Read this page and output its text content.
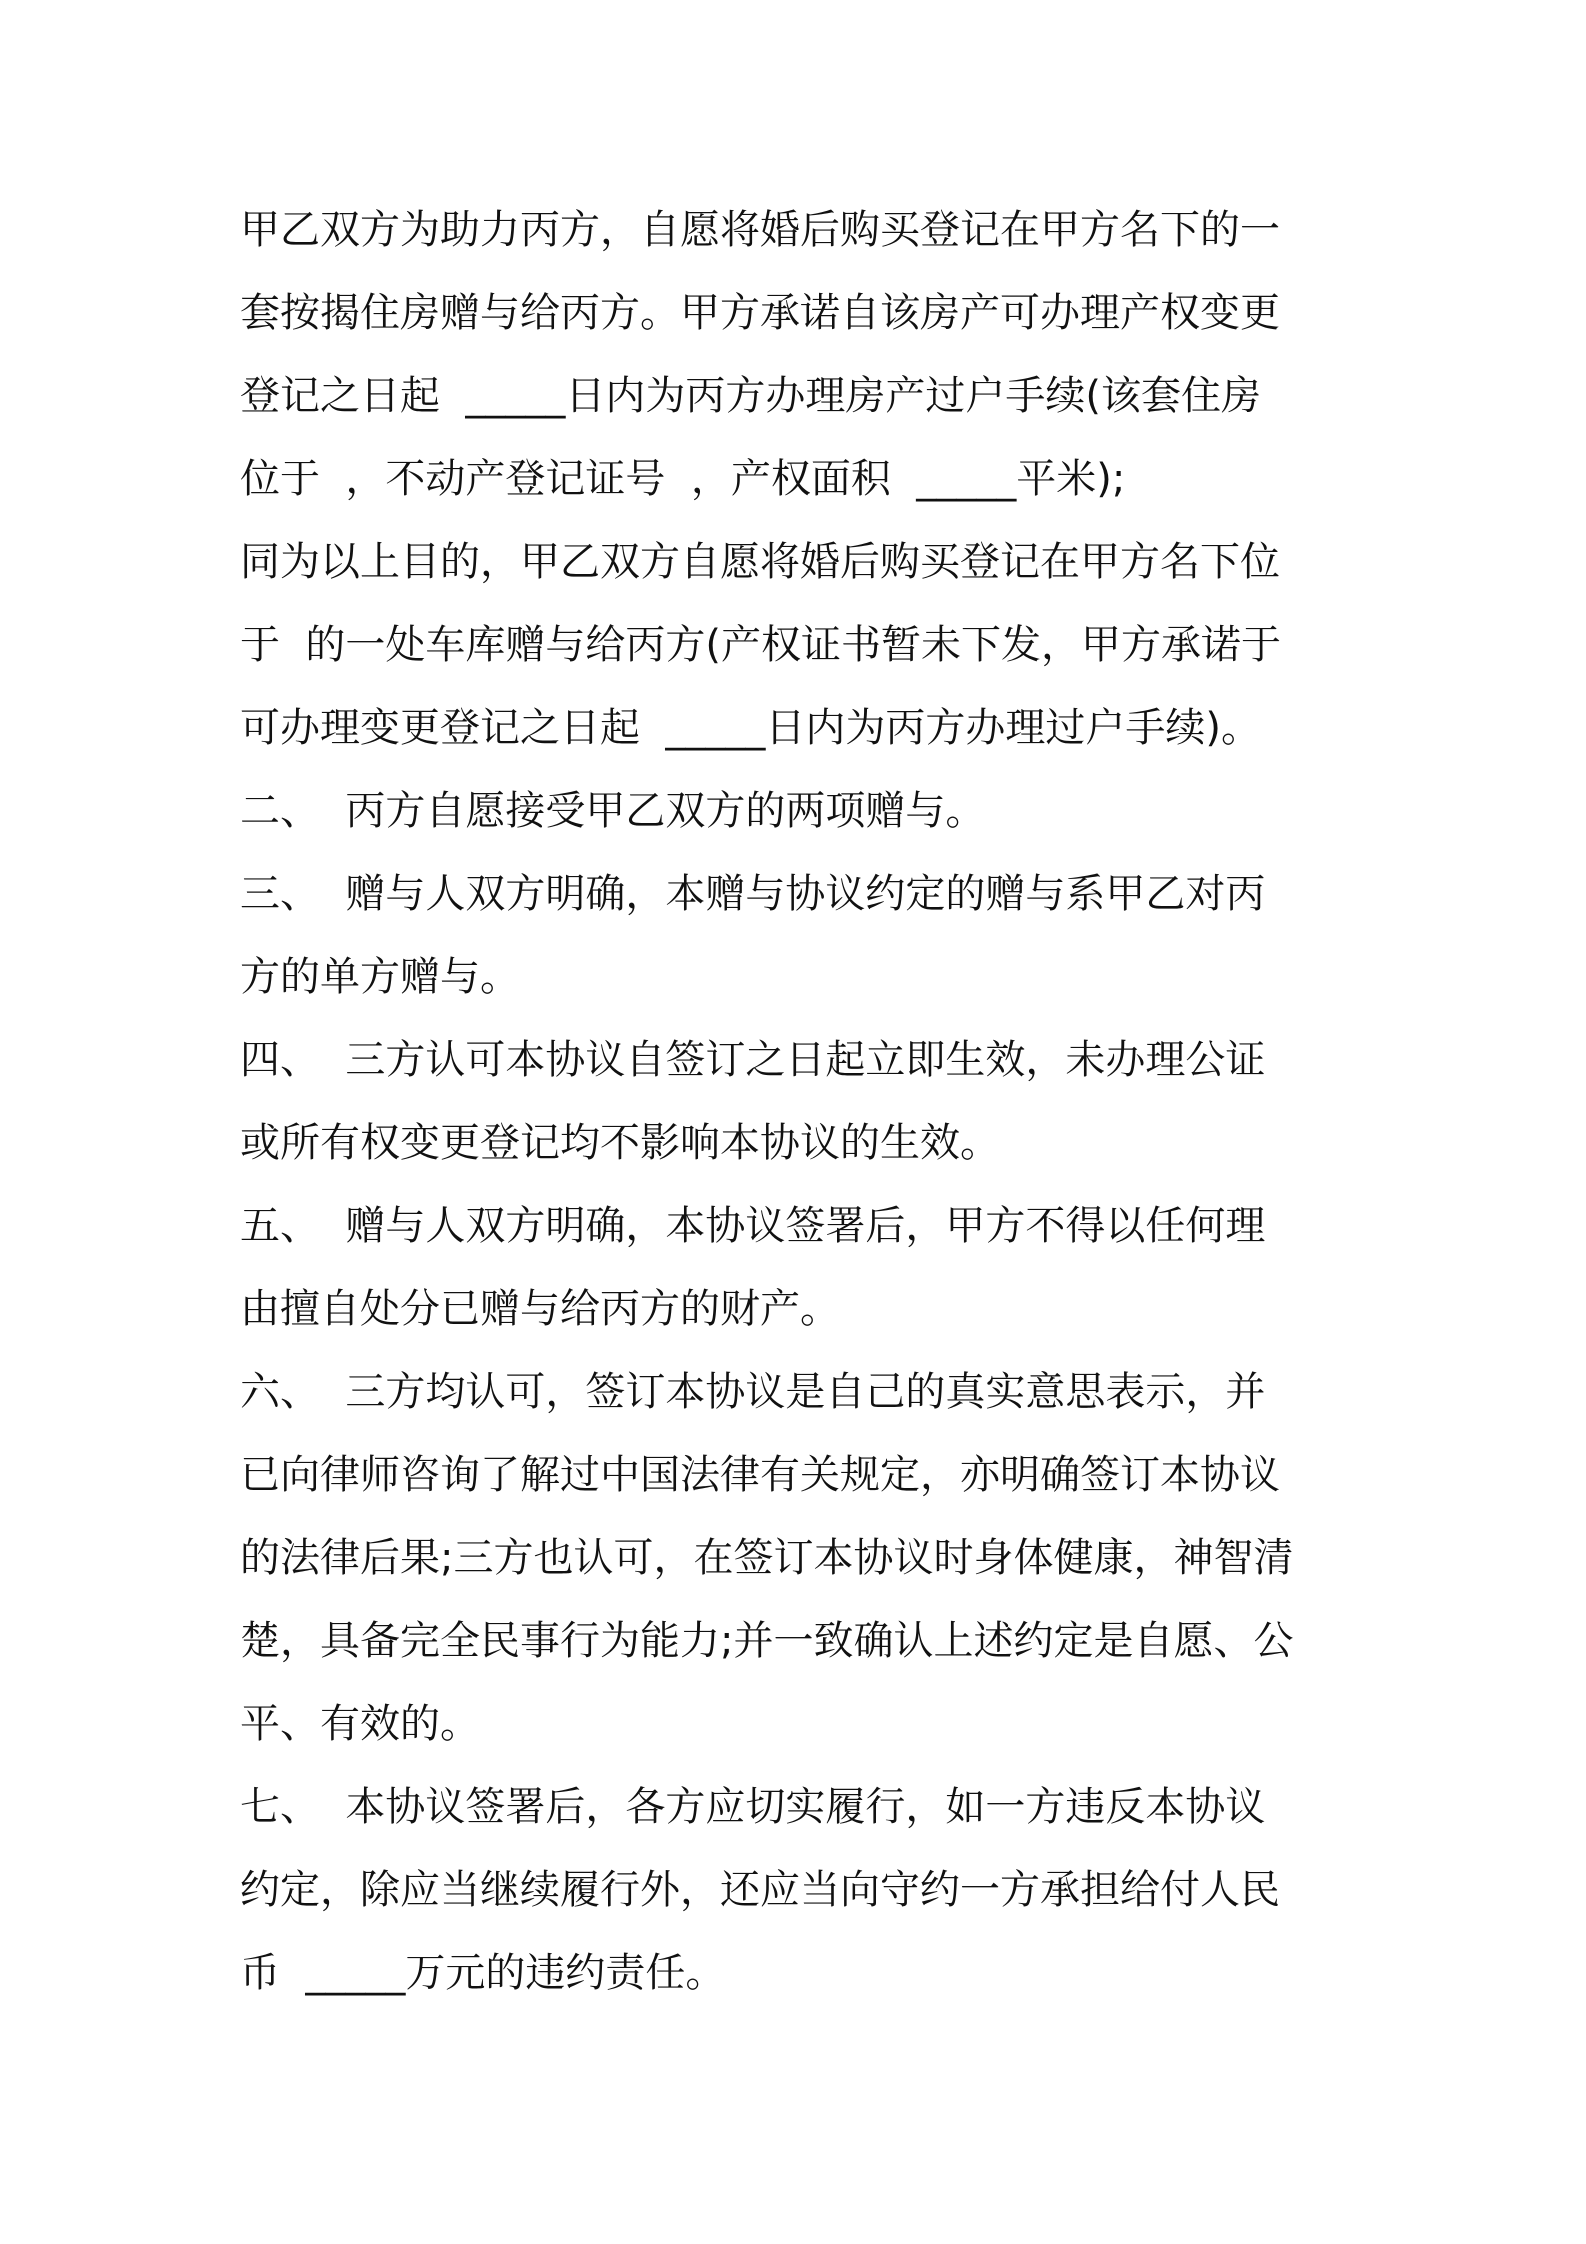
甲乙双方为助力丙方，自愿将婚后购买登记在甲方名下的一
套按揭住房赠与给丙方。甲方承诺自该房产可办理产权变更
登记之日起  _____日内为丙方办理房产过户手续(该套住房
位于  ，不动产登记证号  ，产权面积  _____平米);
同为以上目的，甲乙双方自愿将婚后购买登记在甲方名下位
于  的一处车库赠与给丙方(产权证书暂未下发，甲方承诺于
可办理变更登记之日起  _____日内为丙方办理过户手续)。
二、  丙方自愿接受甲乙双方的两项赠与。
三、  赠与人双方明确，本赠与协议约定的赠与系甲乙对丙
方的单方赠与。
四、  三方认可本协议自签订之日起立即生效，未办理公证
或所有权变更登记均不影响本协议的生效。
五、  赠与人双方明确，本协议签署后，甲方不得以任何理
由擅自处分已赠与给丙方的财产。
六、  三方均认可，签订本协议是自己的真实意思表示，并
已向律师咨询了解过中国法律有关规定，亦明确签订本协议
的法律后果;三方也认可，在签订本协议时身体健康，神智清
楚，具备完全民事行为能力;并一致确认上述约定是自愿、公
平、有效的。
七、  本协议签署后，各方应切实履行，如一方违反本协议
约定，除应当继续履行外，还应当向守约一方承担给付人民
币  _____万元的违约责任。
